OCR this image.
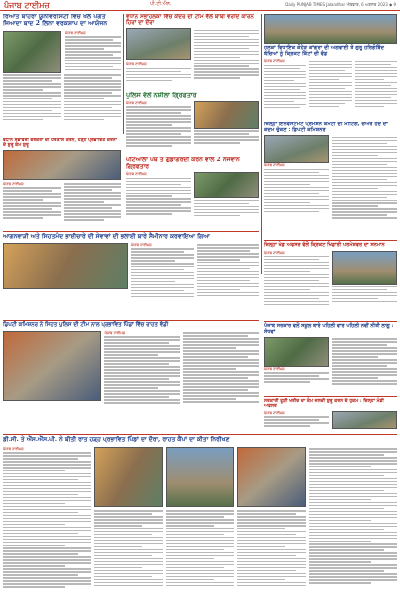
ਪੰਜਾਬ ਟਾਈਮਜ਼	ਪੀ.ਟੀ.ਐਨ.	Daily PUNJAB TIMES Jalandhar ਐਤਵਾਰ, 6 ਅਗਸਤ 2023 ◆ 9
ਰਿਆਤ ਬਾਹਰਾ ਯੂਨੀਵਰਸਿਟੀ ਵਿੱਚ ਖੇਲ ਪੰਗਤ ਜਿਆਦਾ ਬਾਦ 2 ਲਿਨਾ ਵਰਕਸ਼ਾਪ ਦਾ ਆਯੋਜਨ
ਪੰਜਾਬ ਟਾਈਮਜ਼
ਵਧਾਨ ਸਭਾਹਲਕਾ ਵਿੱਚ ਕੇਂਦਰ ਦੀ ਟੀਮ ਵੱਲੋਂ ਬਾਬੀ ਵਰਦਿ ਕਾਰਨ ਹਿਰਾਂ ਦਾ ਦੌਰਾ
ਪੰਜਾਬ ਟਾਈਮਜ਼
ਪੁਲਿਸ ਵੱਲੋਂ ਨਸ਼ੀਲਾ ਗ੍ਰਿਫਤਾਰ
ਪੰਜਾਬ ਟਾਈਮਜ਼
ਹਲਕਾ ਵਿਧਾਇਕ ਕੋਹੇੜ ਕਾਂਗਰਾ ਦੀ ਅਗਵਾਈ ਤੇ ਗੁਰੂ ਹਰਿਗੋਬਿੰਦ ਬੱਚਿਆਂ ਨੂੰ ਕ੍ਰਿਕਟ ਕਿੱਟਾਂ ਦੀ ਵੰਡ
ਪੰਜਾਬ ਟਾਈਮਜ਼
ਵਧਾਨ ਸਭਾਵਰੀ ਵਰਕਰਾਂ ਦੀ ਹਰਤਾਲ ਕਰਨ, ਹੜ੍ਹ ਪ੍ਰਭਾਵਿਤ ਕਰਨਾਂ ਦੇ ਸ਼ੁਰੂ ਕੰਮ ਸ਼ੁਰੂ
ਪੰਜਾਬ ਟਾਈਮਜ਼
ਪਟਿਆਲਾ ਪੰਥ ਤੇ ਗੁੰਡਾਗਰਦੀ ਕਰਨ ਵਾਲੇ 2 ਨੌਜਵਾਨ ਗ੍ਰਿਫਤਾਰ
ਪੰਜਾਬ ਟਾਈਮਜ਼
ਜ਼ਿਲ੍ਹਾ ਇਨਵੈਸਟਮੈਂਟ ਪ੍ਰਮੋਸ਼ਨ ਕਮੇਟੀ ਦੀ ਮੀਟਿੰਗ, ਚੇਅਰ ਹੋਂਦ ਦਾ ਕਦਮ ਚੁੱਕਣ : ਡਿਪਟੀ ਕਮਿਸ਼ਨਰ
ਪੰਜਾਬ ਟਾਈਮਜ਼
ਆਗਨਵਾੜੀ ਅਤੇ ਸਿਹਤਮੰਦ ਭਾਈਚਾਰੇ ਦੀ ਸੇਵਾਵਾਂ ਦੀ ਭਲਾਈ ਬਾਰੇ ਸੈਮੀਨਾਰ ਕਰਵਾਇਆ ਗਿਆ
ਪੰਜਾਬ ਟਾਈਮਜ਼	ਜ਼ਿਲ੍ਹਾ ਖੇਡ ਅਫਸਰ ਵੱਲੋਂ ਕ੍ਰਿਕਟ ਖਿਡਾਰੀ ਪਰਮੇਸ਼ਵਰ ਦਾ ਸਨਮਾਨ
ਪੰਜਾਬ ਟਾਈਮਜ਼
ਡਿਪਟੀ ਕਮਿਸ਼ਨਰ ਨੇ ਸਿਹਤ ਪੁਲਿਸ ਦੀ ਟੀਮ ਨਾਲ ਪ੍ਰਭਾਵਿਤ ਪਿੰਡਾਂ ਵਿੱਚ ਰਾਹਤ ਵੰਡੀ
ਪੰਜਾਬ ਟਾਈਮਜ਼
ਪੰਜਾਬ ਸਰਕਾਰ ਵਲੋਂ ਸਕੂਲ ਬਾਰੇ ਪਹਿਲੀ ਵਾਰ ਪਹਿਲੀ ਨਵੀਂ ਨੀਤੀ ਲਾਗੂ : ਸੰਧਵਾਂ
ਪੰਜਾਬ ਟਾਈਮਜ਼
ਸਰਕਾਰੀ ਤੂੜੀ ਖਰੀਦ ਦਾ ਕੰਮ ਜਲਦੀ ਸ਼ੁਰੂ ਕਰਨ ਦੇ ਹੁਕਮ : ਜ਼ਿਲ੍ਹਾ ਮੰਡੀ ਅਫਸਰ
ਪੰਜਾਬ ਟਾਈਮਜ਼
ਡੀ.ਸੀ. ਤੇ ਐੱਸ.ਐੱਸ.ਪੀ. ਨੇ ਬੀਤੀ ਰਾਤ ਹੜ੍ਹ ਪ੍ਰਭਾਵਿਤ ਪਿੰਡਾਂ ਦਾ ਦੌਰਾ, ਰਾਹਤ ਕੈਂਪਾਂ ਦਾ ਕੀਤਾ ਨਿਰੀਖਣ
ਪੰਜਾਬ ਟਾਈਮਜ਼
